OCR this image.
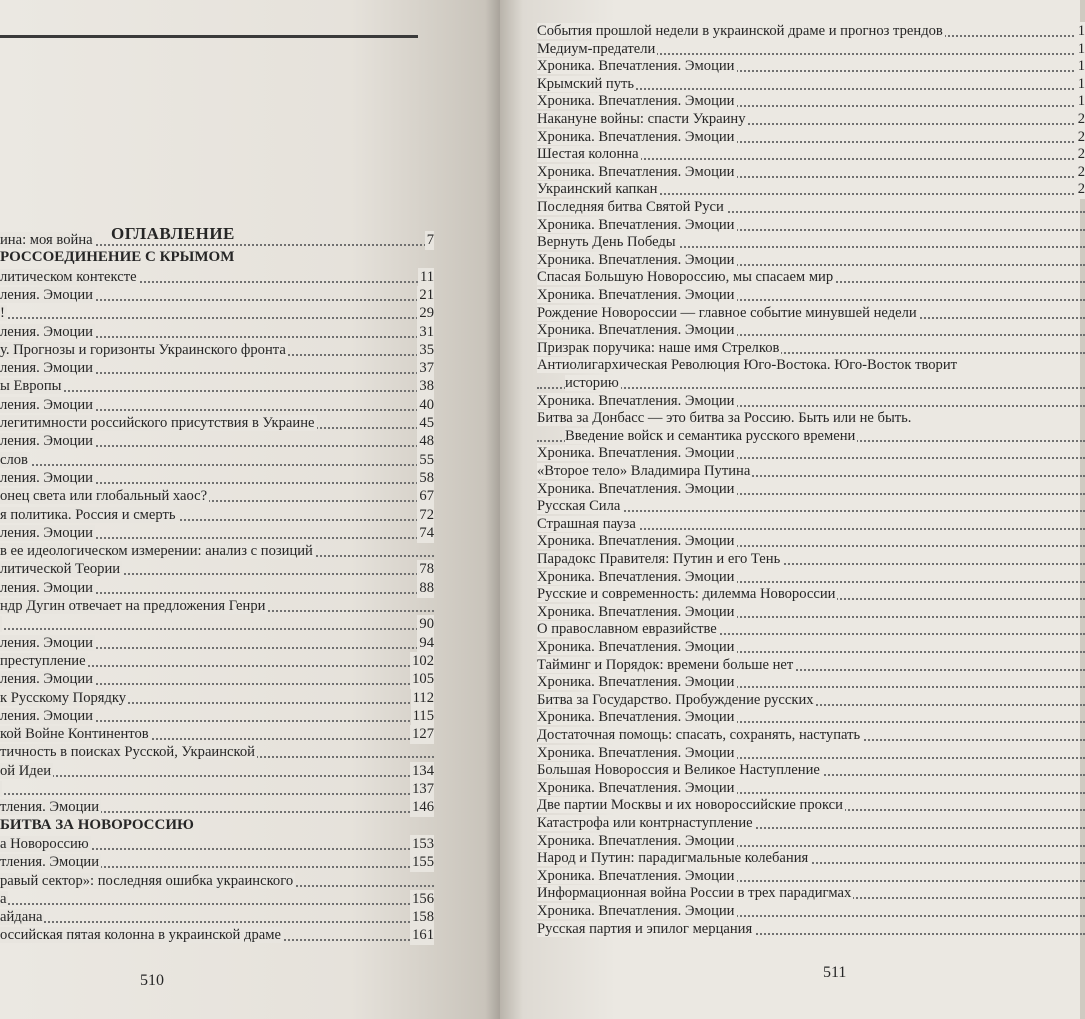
ОГЛАВЛЕНИЕ
ина: моя война	7
РОССОЕДИНЕНИЕ С КРЫМОМ
литическом контексте	11
ления. Эмоции	21
!	29
ления. Эмоции	31
у. Прогнозы и горизонты Украинского фронта	35
ления. Эмоции	37
ы Европы	38
ления. Эмоции	40
легитимности российского присутствия в Украине	45
ления. Эмоции	48
слов	55
ления. Эмоции	58
онец света или глобальный хаос?	67
я политика. Россия и смерть	72
ления. Эмоции	74
в ее идеологическом измерении: анализ с позиций
литической Теории	78
ления. Эмоции	88
ндр Дугин отвечает на предложения Генри
90
ления. Эмоции	94
преступление	102
ления. Эмоции	105
к Русскому Порядку	112
ления. Эмоции	115
кой Войне Континентов	127
тичность в поисках Русской, Украинской
ой Идеи	134
137
тления. Эмоции	146
БИТВА ЗА НОВОРОССИЮ
а Новороссию	153
тления. Эмоции	155
равый сектор»: последняя ошибка украинского
а	156
айдана	158
оссийская пятая колонна в украинской драме	161
510
События прошлой недели в украинской драме и прогноз трендов	1
Медиум-предатели	1
Хроника. Впечатления. Эмоции	1
Крымский путь	1
Хроника. Впечатления. Эмоции	1
Накануне войны: спасти Украину	2
Хроника. Впечатления. Эмоции	2
Шестая колонна	2
Хроника. Впечатления. Эмоции	2
Украинский капкан	2
Последняя битва Святой Руси
Хроника. Впечатления. Эмоции
Вернуть День Победы
Хроника. Впечатления. Эмоции
Спасая Большую Новороссию, мы спасаем мир
Хроника. Впечатления. Эмоции
Рождение Новороссии — главное событие минувшей недели
Хроника. Впечатления. Эмоции
Призрак поручика: наше имя Стрелков
Антиолигархическая Революция Юго-Востока. Юго-Восток творит
историю
Хроника. Впечатления. Эмоции
Битва за Донбасс — это битва за Россию. Быть или не быть.
Введение войск и семантика русского времени
Хроника. Впечатления. Эмоции
«Второе тело» Владимира Путина
Хроника. Впечатления. Эмоции
Русская Сила
Страшная пауза
Хроника. Впечатления. Эмоции
Парадокс Правителя: Путин и его Тень
Хроника. Впечатления. Эмоции
Русские и современность: дилемма Новороссии
Хроника. Впечатления. Эмоции
О православном евразийстве
Хроника. Впечатления. Эмоции
Тайминг и Порядок: времени больше нет
Хроника. Впечатления. Эмоции
Битва за Государство. Пробуждение русских
Хроника. Впечатления. Эмоции
Достаточная помощь: спасать, сохранять, наступать
Хроника. Впечатления. Эмоции
Большая Новороссия и Великое Наступление
Хроника. Впечатления. Эмоции
Две партии Москвы и их новороссийские прокси
Катастрофа или контрнаступление
Хроника. Впечатления. Эмоции
Народ и Путин: парадигмальные колебания
Хроника. Впечатления. Эмоции
Информационная война России в трех парадигмах
Хроника. Впечатления. Эмоции
Русская партия и эпилог мерцания
511
